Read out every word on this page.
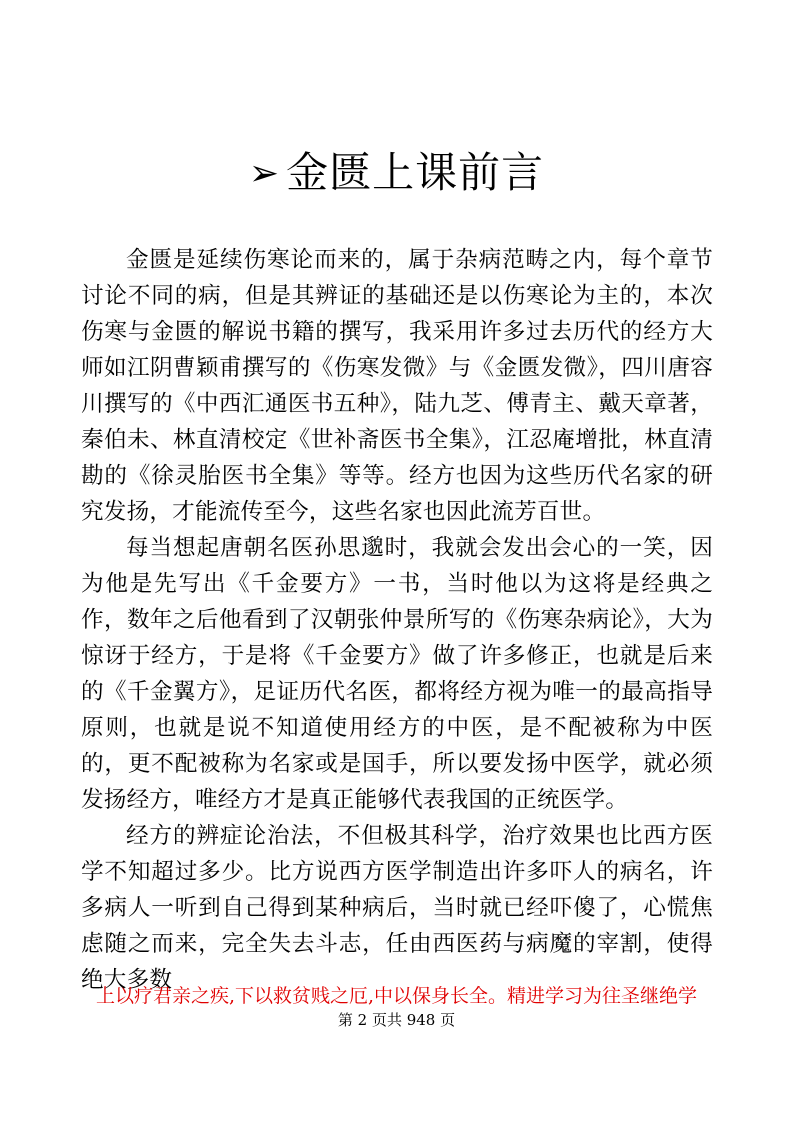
➢ 金匮上课前言

金匮是延续伤寒论而来的，属于杂病范畴之内，每个章节讨论不同的病，但是其辨证的基础还是以伤寒论为主的，本次伤寒与金匮的解说书籍的撰写，我采用许多过去历代的经方大师如江阴曹颖甫撰写的《伤寒发微》与《金匮发微》，四川唐容川撰写的《中西汇通医书五种》，陆九芝、傅青主、戴天章著，秦伯未、林直清校定《世补斋医书全集》，江忍庵增批，林直清勘的《徐灵胎医书全集》等等。经方也因为这些历代名家的研究发扬，才能流传至今，这些名家也因此流芳百世。

每当想起唐朝名医孙思邈时，我就会发出会心的一笑，因为他是先写出《千金要方》一书，当时他以为这将是经典之作，数年之后他看到了汉朝张仲景所写的《伤寒杂病论》，大为惊讶于经方，于是将《千金要方》做了许多修正，也就是后来的《千金翼方》，足证历代名医，都将经方视为唯一的最高指导原则，也就是说不知道使用经方的中医，是不配被称为中医的，更不配被称为名家或是国手，所以要发扬中医学，就必须发扬经方，唯经方才是真正能够代表我国的正统医学。

经方的辨症论治法，不但极其科学，治疗效果也比西方医学不知超过多少。比方说西方医学制造出许多吓人的病名，许多病人一听到自己得到某种病后，当时就已经吓傻了，心慌焦虑随之而来，完全失去斗志，任由西医药与病魔的宰割，使得绝大多数

上以疗君亲之疾,下以救贫贱之厄,中以保身长全。精进学习为往圣继绝学
第 2 页共 948 页
